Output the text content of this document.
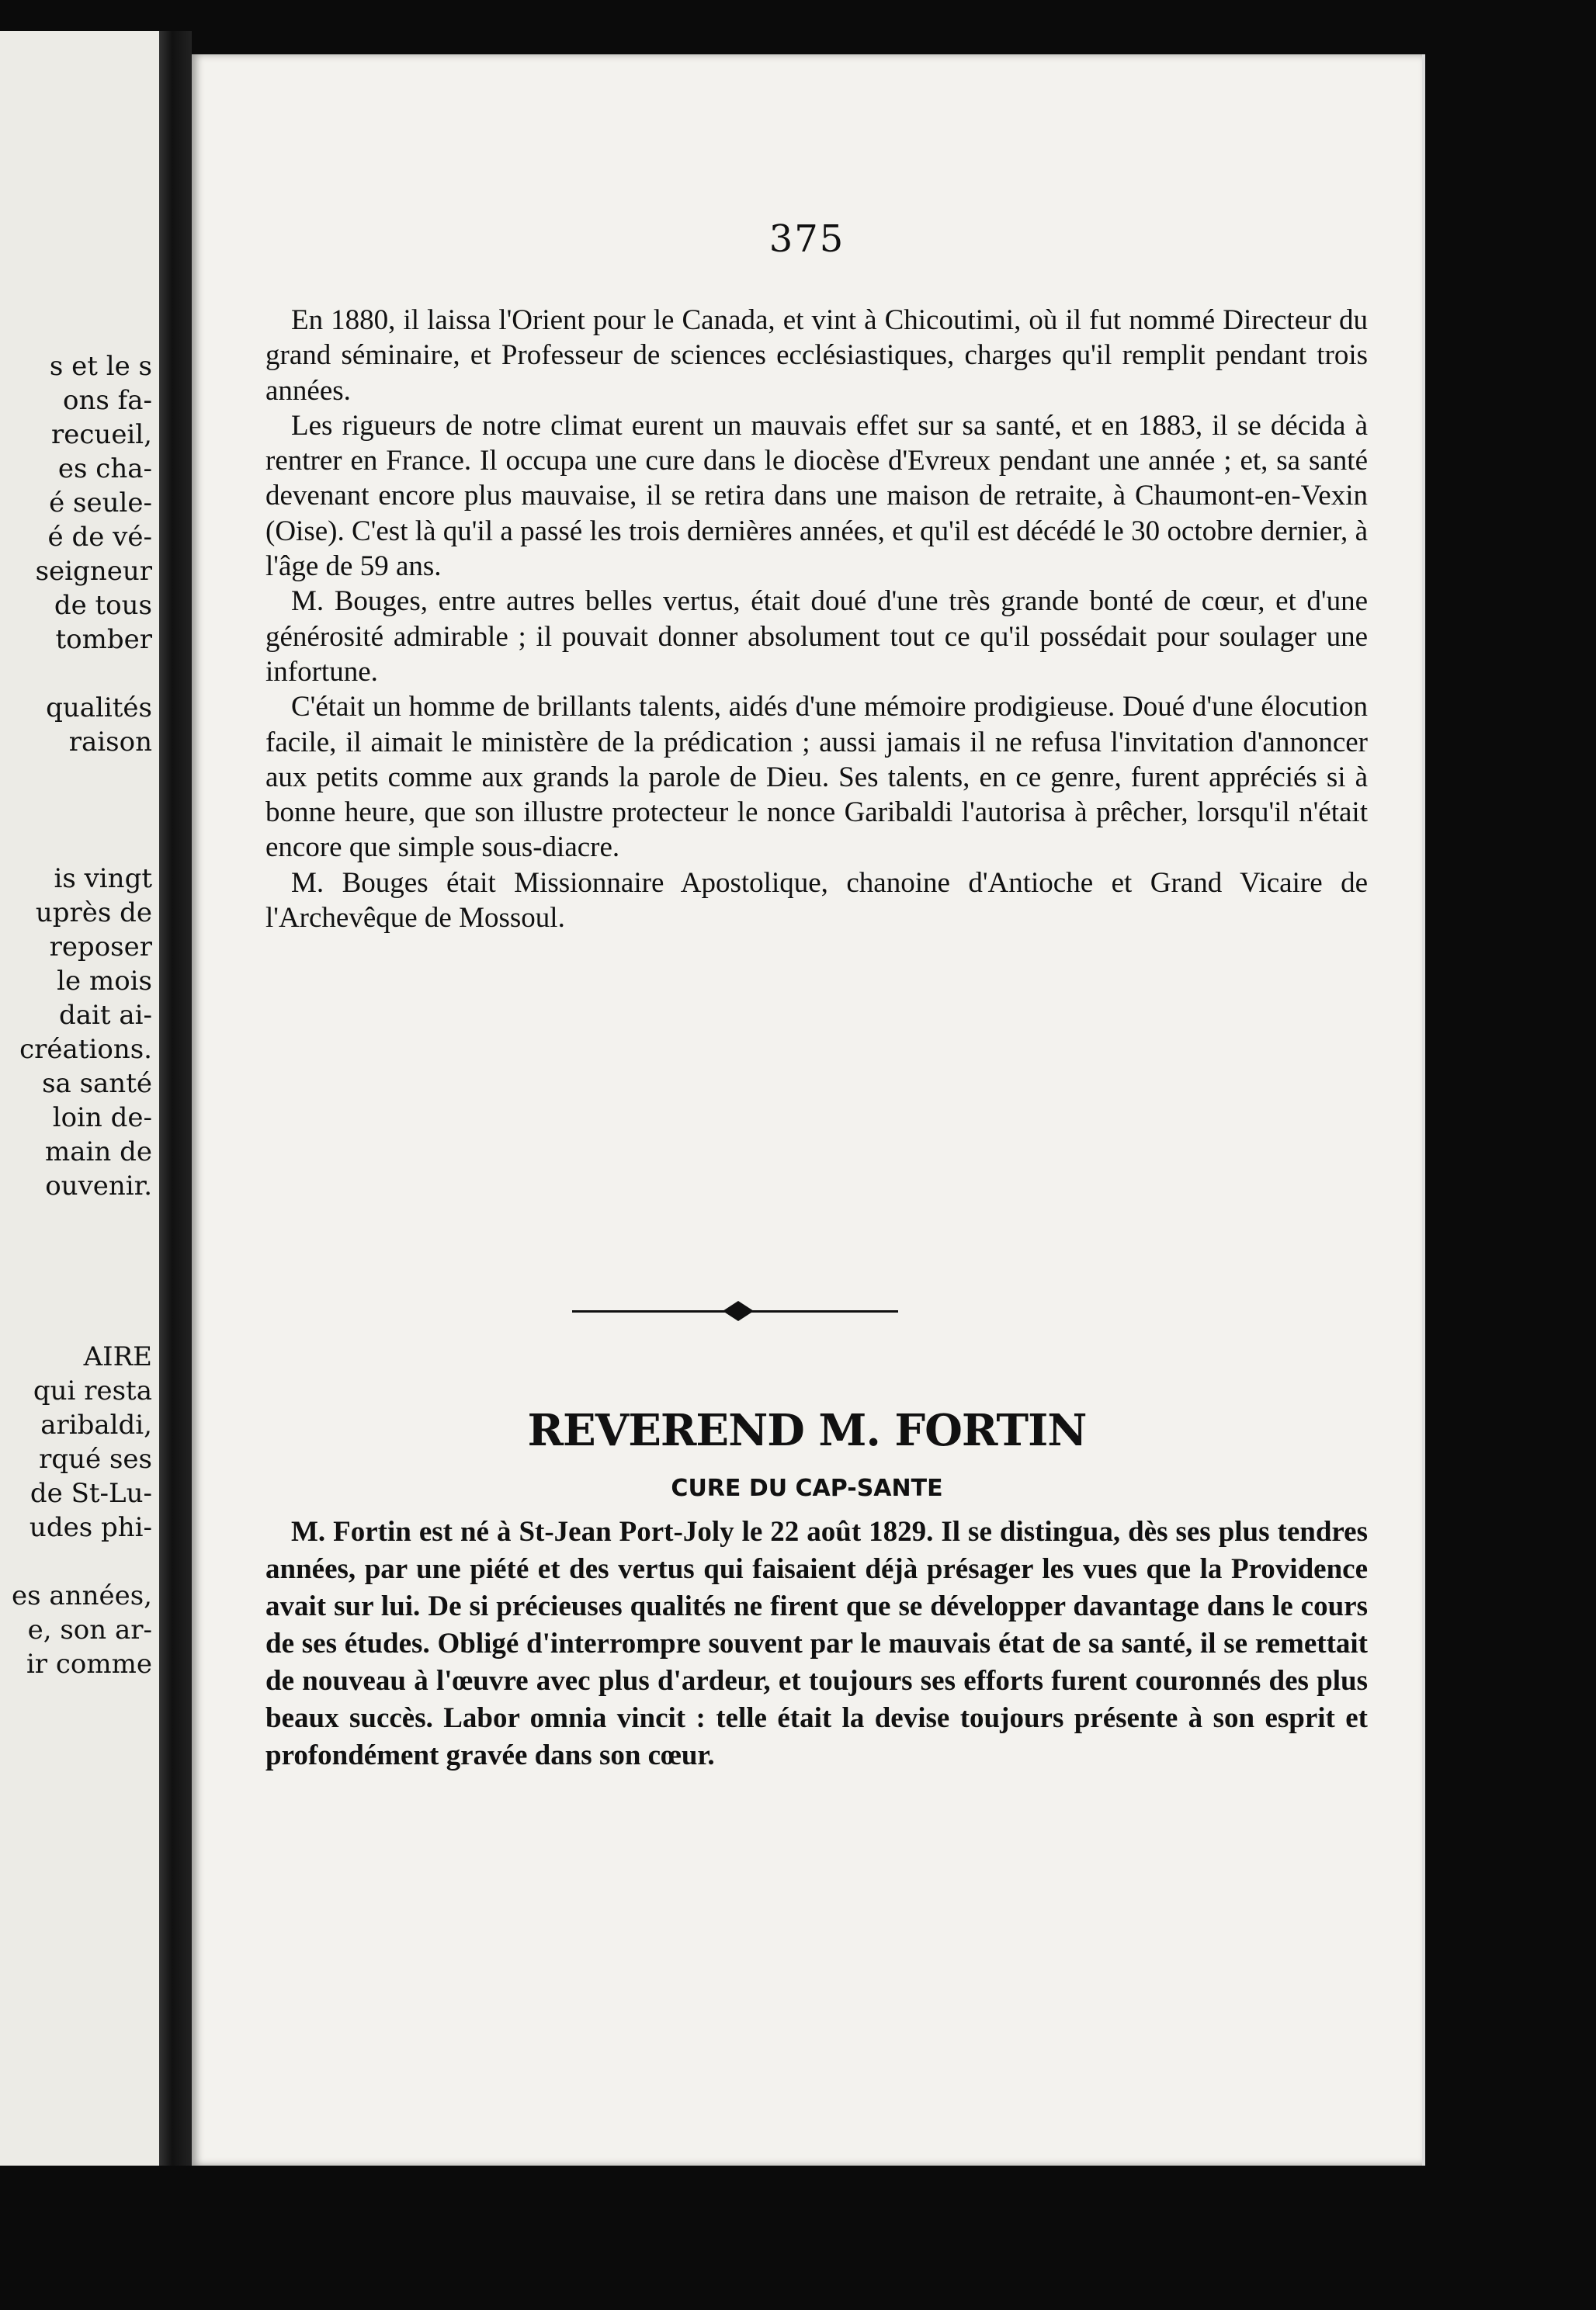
s et le s
ons fa-
recueil,
es cha-
é seule-
é de vé-
seigneur
de tous
tomber
qualités
raison
is vingt
uprès de
reposer
le mois
dait ai-
créations.
sa santé
loin de-
main de
ouvenir.
AIRE
qui resta
aribaldi,
rqué ses
de St-Lu-
udes phi-
es années,
e, son ar-
ir comme
375

En 1880, il laissa l'Orient pour le Canada, et vint à Chicoutimi, où il fut nommé Directeur du grand séminaire, et Professeur de sciences ecclésiastiques, charges qu'il remplit pendant trois années.

Les rigueurs de notre climat eurent un mauvais effet sur sa santé, et en 1883, il se décida à rentrer en France. Il occupa une cure dans le diocèse d'Evreux pendant une année ; et, sa santé devenant encore plus mauvaise, il se retira dans une maison de retraite, à Chaumont-en-Vexin (Oise). C'est là qu'il a passé les trois dernières années, et qu'il est décédé le 30 octobre dernier, à l'âge de 59 ans.

M. Bouges, entre autres belles vertus, était doué d'une très grande bonté de cœur, et d'une générosité admirable ; il pouvait donner absolument tout ce qu'il possédait pour soulager une infortune.

C'était un homme de brillants talents, aidés d'une mémoire prodigieuse. Doué d'une élocution facile, il aimait le ministère de la prédication ; aussi jamais il ne refusa l'invitation d'annoncer aux petits comme aux grands la parole de Dieu. Ses talents, en ce genre, furent appréciés si à bonne heure, que son illustre protecteur le nonce Garibaldi l'autorisa à prêcher, lorsqu'il n'était encore que simple sous-diacre.

M. Bouges était Missionnaire Apostolique, chanoine d'Antioche et Grand Vicaire de l'Archevêque de Mossoul.

REVEREND M. FORTIN
CURE DU CAP-SANTE

M. Fortin est né à St-Jean Port-Joly le 22 août 1829. Il se distingua, dès ses plus tendres années, par une piété et des vertus qui faisaient déjà présager les vues que la Providence avait sur lui. De si précieuses qualités ne firent que se développer davantage dans le cours de ses études. Obligé d'interrompre souvent par le mauvais état de sa santé, il se remettait de nouveau à l'œuvre avec plus d'ardeur, et toujours ses efforts furent couronnés des plus beaux succès. Labor omnia vincit : telle était la devise toujours présente à son esprit et profondément gravée dans son cœur.
